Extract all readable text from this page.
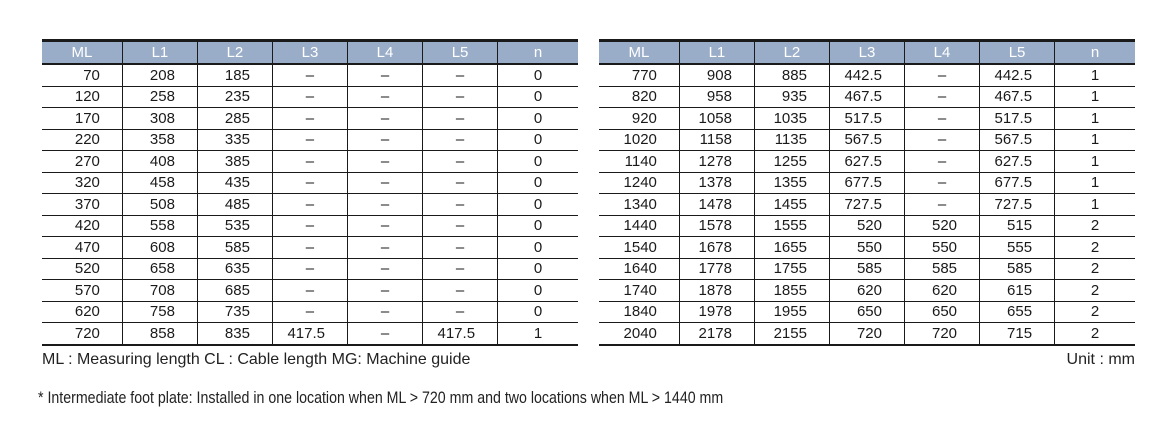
ML	L1	L2	L3	L4	L5	n
70	208	185	–	–	–	0
120	258	235	–	–	–	0
170	308	285	–	–	–	0
220	358	335	–	–	–	0
270	408	385	–	–	–	0
320	458	435	–	–	–	0
370	508	485	–	–	–	0
420	558	535	–	–	–	0
470	608	585	–	–	–	0
520	658	635	–	–	–	0
570	708	685	–	–	–	0
620	758	735	–	–	–	0
720	858	835	417.5	–	417.5	1
ML	L1	L2	L3	L4	L5	n
770	908	885	442.5	–	442.5	1
820	958	935	467.5	–	467.5	1
920	1058	1035	517.5	–	517.5	1
1020	1158	1135	567.5	–	567.5	1
1140	1278	1255	627.5	–	627.5	1
1240	1378	1355	677.5	–	677.5	1
1340	1478	1455	727.5	–	727.5	1
1440	1578	1555	520	520	515	2
1540	1678	1655	550	550	555	2
1640	1778	1755	585	585	585	2
1740	1878	1855	620	620	615	2
1840	1978	1955	650	650	655	2
2040	2178	2155	720	720	715	2
ML : Measuring length CL : Cable length MG: Machine guide	Unit : mm
* Intermediate foot plate: Installed in one location when ML > 720 mm and two locations when ML > 1440 mm
